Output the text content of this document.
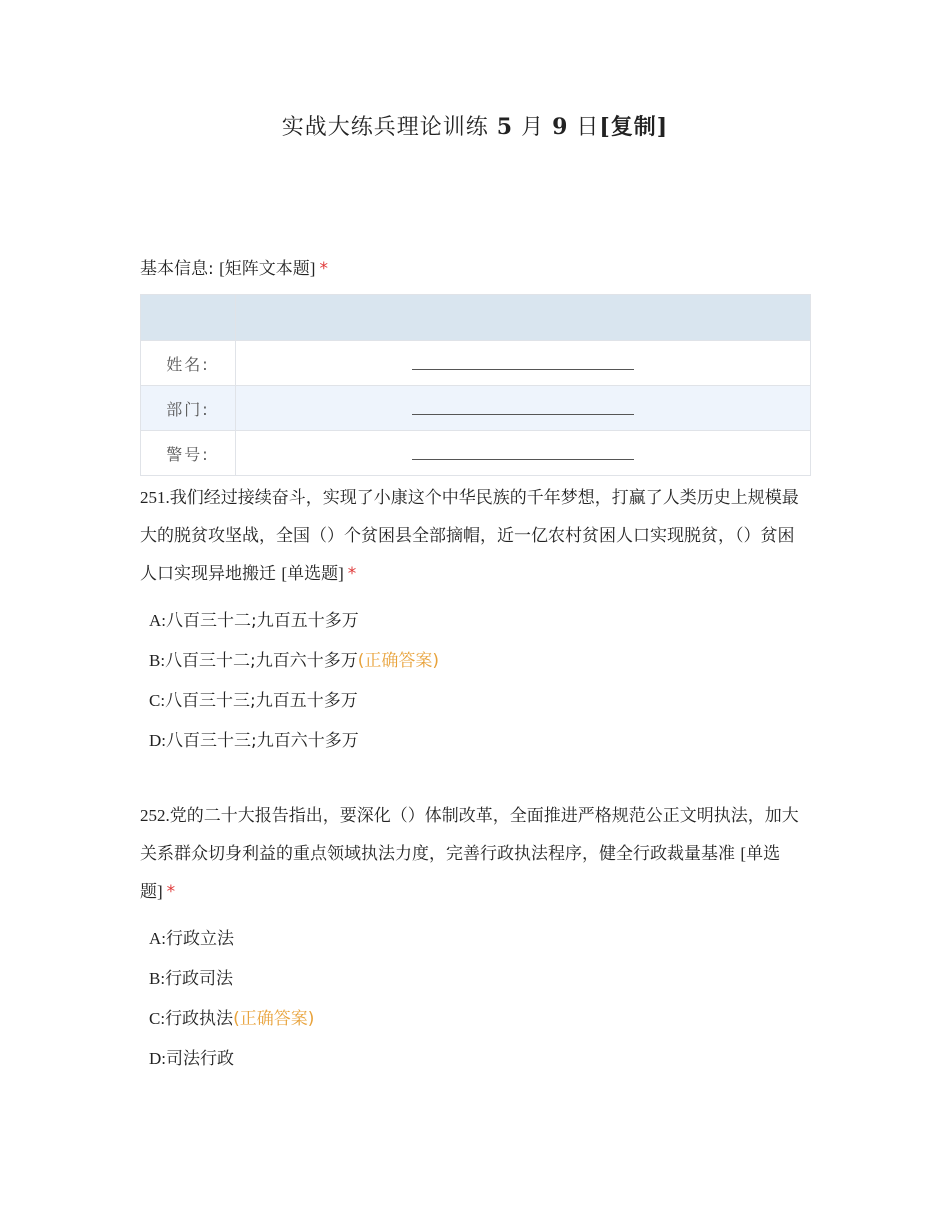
实战大练兵理论训练 5 月 9 日[复制]
基本信息: [矩阵文本题] *

姓名:	
部门:	
警号:	
251.我们经过接续奋斗，实现了小康这个中华民族的千年梦想，打赢了人类历史上规模最大的脱贫攻坚战，全国（）个贫困县全部摘帽，近一亿农村贫困人口实现脱贫，（）贫困人口实现异地搬迁 [单选题] *
A:八百三十二;九百五十多万
B:八百三十二;九百六十多万(正确答案)
C:八百三十三;九百五十多万
D:八百三十三;九百六十多万
252.党的二十大报告指出，要深化（）体制改革，全面推进严格规范公正文明执法，加大关系群众切身利益的重点领域执法力度，完善行政执法程序，健全行政裁量基准 [单选题] *
A:行政立法
B:行政司法
C:行政执法(正确答案)
D:司法行政
